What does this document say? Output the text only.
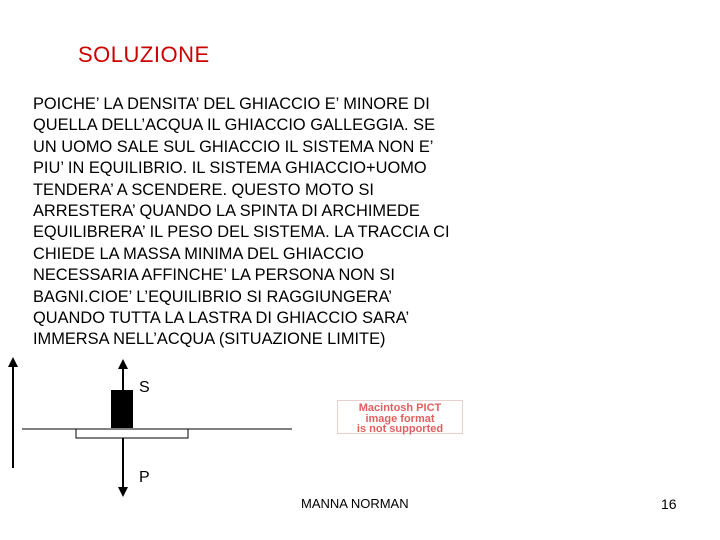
SOLUZIONE
POICHE’ LA DENSITA’ DEL GHIACCIO E’ MINORE DI
QUELLA DELL’ACQUA IL GHIACCIO GALLEGGIA. SE
UN UOMO SALE SUL GHIACCIO IL SISTEMA NON E’
PIU’ IN EQUILIBRIO. IL SISTEMA GHIACCIO+UOMO
TENDERA’ A SCENDERE. QUESTO MOTO SI
ARRESTERA’ QUANDO LA SPINTA DI ARCHIMEDE
EQUILIBRERA’ IL PESO DEL SISTEMA. LA TRACCIA CI
CHIEDE LA MASSA MINIMA DEL GHIACCIO
NECESSARIA AFFINCHE’ LA PERSONA NON SI
BAGNI.CIOE’ L’EQUILIBRIO SI RAGGIUNGERA’
QUANDO TUTTA LA LASTRA DI GHIACCIO SARA’
IMMERSA NELL’ACQUA (SITUAZIONE LIMITE)
S
P
Macintosh PICT
image format
is not supported
MANNA NORMAN	16
